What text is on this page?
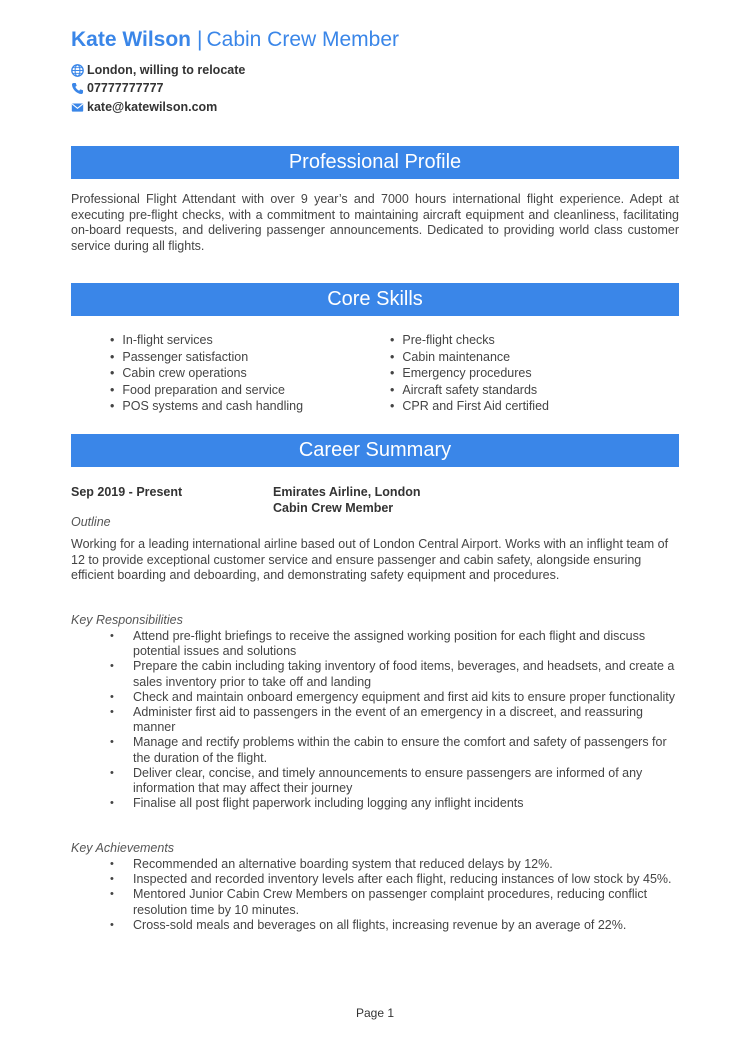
Kate Wilson | Cabin Crew Member
London, willing to relocate
07777777777
kate@katewilson.com
Professional Profile

Professional Flight Attendant with over 9 year’s and 7000 hours international flight experience. Adept at executing pre-flight checks, with a commitment to maintaining aircraft equipment and cleanliness, facilitating on-board requests, and delivering passenger announcements. Dedicated to providing world class customer service during all flights.

Core Skills
• In-flight services
• Passenger satisfaction
• Cabin crew operations
• Food preparation and service
• POS systems and cash handling
• Pre-flight checks
• Cabin maintenance
• Emergency procedures
• Aircraft safety standards
• CPR and First Aid certified
Career Summary
Sep 2019 - Present	Emirates Airline, London
Cabin Crew Member
Outline

Working for a leading international airline based out of London Central Airport. Works with an inflight team of 12 to provide exceptional customer service and ensure passenger and cabin safety, alongside ensuring efficient boarding and deboarding, and demonstrating safety equipment and procedures.

Key Responsibilities
• Attend pre-flight briefings to receive the assigned working position for each flight and discuss potential issues and solutions
• Prepare the cabin including taking inventory of food items, beverages, and headsets, and create a sales inventory prior to take off and landing
• Check and maintain onboard emergency equipment and first aid kits to ensure proper functionality
• Administer first aid to passengers in the event of an emergency in a discreet, and reassuring manner
• Manage and rectify problems within the cabin to ensure the comfort and safety of passengers for the duration of the flight.
• Deliver clear, concise, and timely announcements to ensure passengers are informed of any information that may affect their journey
• Finalise all post flight paperwork including logging any inflight incidents
Key Achievements
• Recommended an alternative boarding system that reduced delays by 12%.
• Inspected and recorded inventory levels after each flight, reducing instances of low stock by 45%.
• Mentored Junior Cabin Crew Members on passenger complaint procedures, reducing conflict resolution time by 10 minutes.
• Cross-sold meals and beverages on all flights, increasing revenue by an average of 22%.
Page 1
